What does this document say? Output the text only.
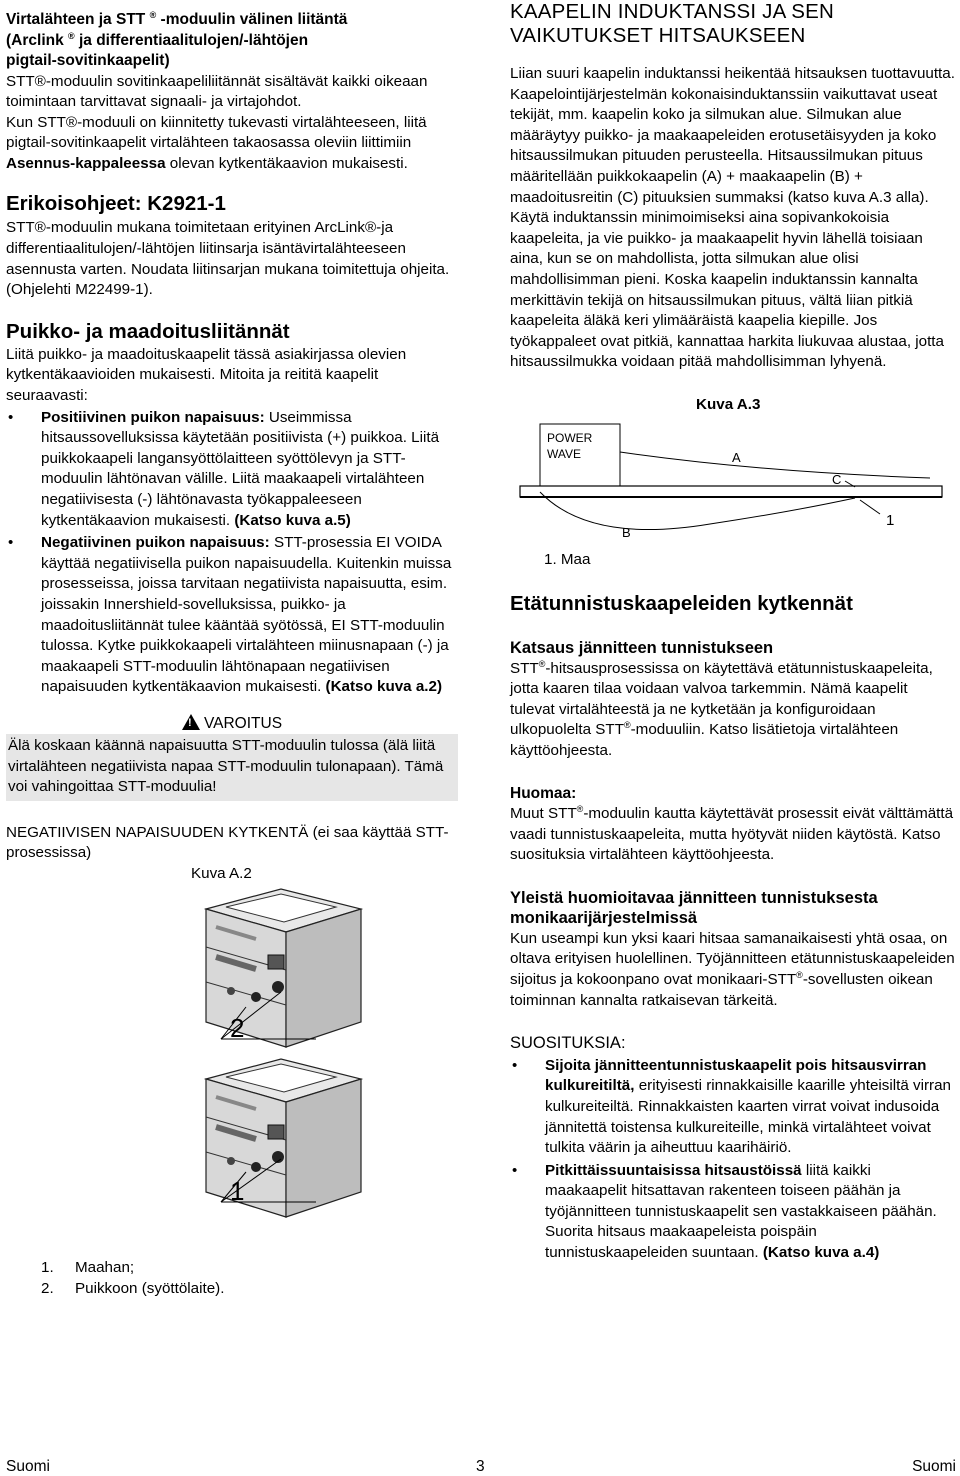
Virtalähteen ja STT ® -moduulin välinen liitäntä
(Arclink ® ja differentiaalitulojen/-lähtöjen
pigtail-sovitinkaapelit)

STT®-moduulin sovitinkaapeliliitännät sisältävät kaikki oikeaan toimintaan tarvittavat signaali- ja virtajohdot.

Kun STT®-moduuli on kiinnitetty tukevasti virtalähteeseen, liitä pigtail-sovitinkaapelit virtalähteen takaosassa oleviin liittimiin Asennus-kappaleessa olevan kytkentäkaavion mukaisesti.

Erikoisohjeet: K2921-1

STT®-moduulin mukana toimitetaan erityinen ArcLink®-ja differentiaalitulojen/-lähtöjen liitinsarja isäntävirtalähteeseen asennusta varten. Noudata liitinsarjan mukana toimitettuja ohjeita. (Ohjelehti M22499-1).

Puikko- ja maadoitusliitännät

Liitä puikko- ja maadoituskaapelit tässä asiakirjassa olevien kytkentäkaavioiden mukaisesti. Mitoita ja reititä kaapelit seuraavasti:

• Positiivinen puikon napaisuus: Useimmissa hitsaussovelluksissa käytetään positiivista (+) puikkoa. Liitä puikkokaapeli langansyöttölaitteen syöttölevyn ja STT-moduulin lähtönavan välille. Liitä maakaapeli virtalähteen negatiivisesta (-) lähtönavasta työkappaleeseen kytkentäkaavion mukaisesti. (Katso kuva a.5)
• Negatiivinen puikon napaisuus: STT-prosessia EI VOIDA käyttää negatiivisella puikon napaisuudella. Kuitenkin muissa prosesseissa, joissa tarvitaan negatiivista napaisuutta, esim. joissakin Innershield-sovelluksissa, puikko- ja maadoitusliitännät tulee kääntää syötössä, EI STT-moduulin tulossa. Kytke puikkokaapeli virtalähteen miinusnapaan (-) ja maakaapeli STT-moduulin lähtönapaan negatiivisen napaisuuden kytkentäkaavion mukaisesti. (Katso kuva a.2)
!VAROITUS
Älä koskaan käännä napaisuutta STT-moduulin tulossa (älä liitä virtalähteen negatiivista napaa STT-moduulin tulonapaan). Tämä voi vahingoittaa STT-moduulia!

NEGATIIVISEN NAPAISUUDEN KYTKENTÄ (ei saa käyttää STT-prosessissa)

Kuva A.2

2
1
1. Maahan;
2. Puikkoon (syöttölaite).
KAAPELIN INDUKTANSSI JA SEN VAIKUTUKSET HITSAUKSEEN

Liian suuri kaapelin induktanssi heikentää hitsauksen tuottavuutta. Kaapelointijärjestelmän kokonaisinduktanssiin vaikuttavat useat tekijät, mm. kaapelin koko ja silmukan alue. Silmukan alue määräytyy puikko- ja maakaapeleiden erotusetäisyyden ja koko hitsaussilmukan pituuden perusteella. Hitsaussilmukan pituus määritellään puikkokaapelin (A) + maakaapelin (B) + maadoitusreitin (C) pituuksien summaksi (katso kuva A.3 alla). Käytä induktanssin minimoimiseksi aina sopivankokoisia kaapeleita, ja vie puikko- ja maakaapelit hyvin lähellä toisiaan aina, kun se on mahdollista, jotta silmukan alue olisi mahdollisimman pieni. Koska kaapelin induktanssin kannalta merkittävin tekijä on hitsaussilmukan pituus, vältä liian pitkiä kaapeleita äläkä keri ylimääräistä kaapelia kiepille. Jos työkappaleet ovat pitkiä, kannattaa harkita liukuvaa alustaa, jotta hitsaussilmukka voidaan pitää mahdollisimman lyhyenä.

Kuva A.3

POWER
WAVE	A
C
B
1

1. Maa

Etätunnistuskaapeleiden kytkennät
Katsaus jännitteen tunnistukseen

STT®-hitsausprosessissa on käytettävä etätunnistuskaapeleita, jotta kaaren tilaa voidaan valvoa tarkemmin. Nämä kaapelit tulevat virtalähteestä ja ne kytketään ja konfiguroidaan ulkopuolelta STT®-moduuliin. Katso lisätietoja virtalähteen käyttöohjeesta.

Huomaa:

Muut STT®-moduulin kautta käytettävät prosessit eivät välttämättä vaadi tunnistuskaapeleita, mutta hyötyvät niiden käytöstä. Katso suosituksia virtalähteen käyttöohjeesta.

Yleistä huomioitavaa jännitteen tunnistuksesta monikaarijärjestelmissä

Kun useampi kun yksi kaari hitsaa samanaikaisesti yhtä osaa, on oltava erityisen huolellinen. Työjännitteen etätunnistuskaapeleiden sijoitus ja kokoonpano ovat monikaari-STT®-sovellusten oikean toiminnan kannalta ratkaisevan tärkeitä.

SUOSITUKSIA:
• Sijoita jännitteentunnistuskaapelit pois hitsausvirran kulkureitiltä, erityisesti rinnakkaisille kaarille yhteisiltä virran kulkureiteiltä. Rinnakkaisten kaarten virrat voivat indusoida jännitettä toistensa kulkureiteille, minkä virtalähteet voivat tulkita väärin ja aiheuttuu kaarihäiriö.
• Pitkittäissuuntaisissa hitsaustöissä liitä kaikki maakaapelit hitsattavan rakenteen toiseen päähän ja työjännitteen tunnistuskaapelit sen vastakkaiseen päähän. Suorita hitsaus maakaapeleista poispäin tunnistuskaapeleiden suuntaan. (Katso kuva a.4)
Suomi	3	Suomi
